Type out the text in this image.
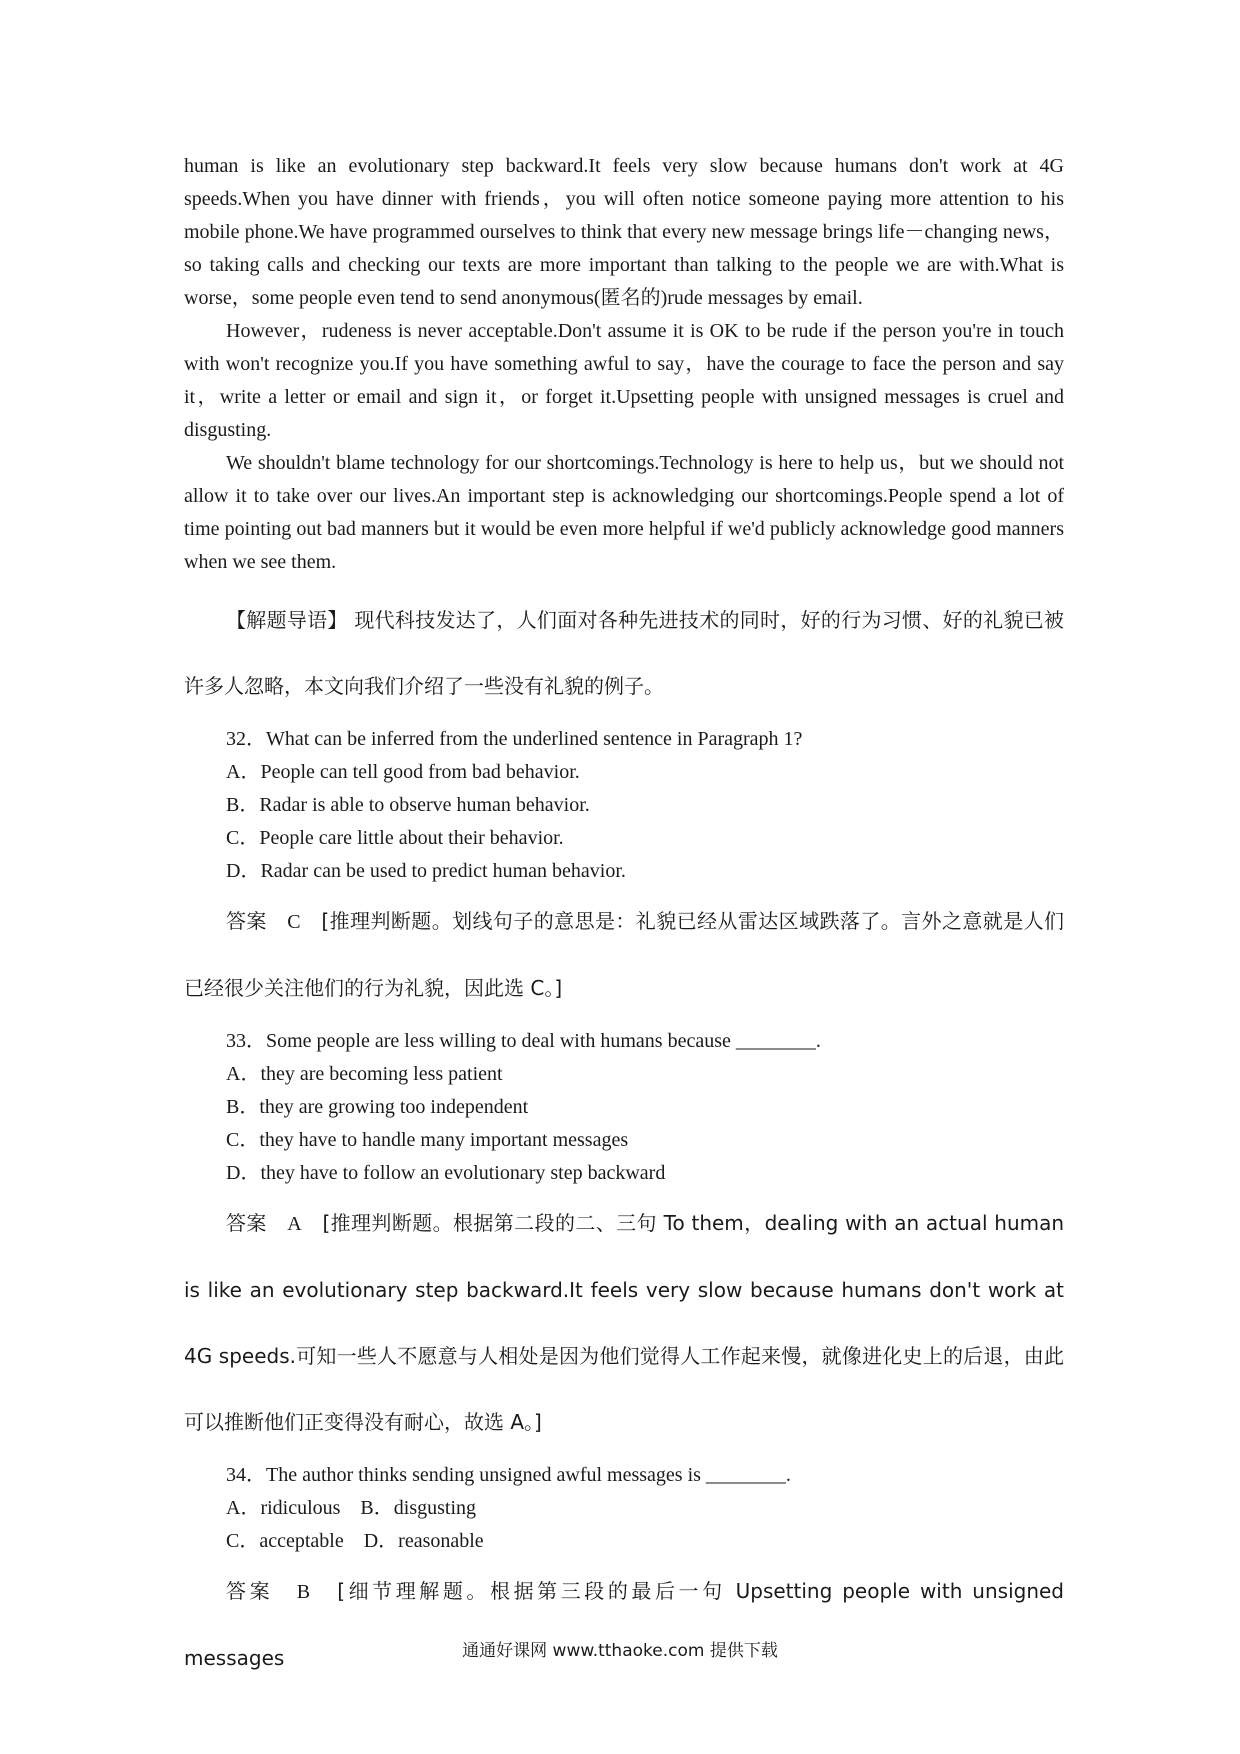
human is like an evolutionary step backward.It feels very slow because humans don't work at 4G speeds.When you have dinner with friends，you will often notice someone paying more attention to his mobile phone.We have programmed ourselves to think that every new message brings life－changing news，so taking calls and checking our texts are more important than talking to the people we are with.What is worse，some people even tend to send anonymous(匿名的)rude messages by email.

However，rudeness is never acceptable.Don't assume it is OK to be rude if the person you're in touch with won't recognize you.If you have something awful to say，have the courage to face the person and say it，write a letter or email and sign it，or forget it.Upsetting people with unsigned messages is cruel and disgusting.

We shouldn't blame technology for our shortcomings.Technology is here to help us，but we should not allow it to take over our lives.An important step is acknowledging our shortcomings.People spend a lot of time pointing out bad manners but it would be even more helpful if we'd publicly acknowledge good manners when we see them.

【解题导语】 现代科技发达了，人们面对各种先进技术的同时，好的行为习惯、好的礼貌已被许多人忽略，本文向我们介绍了一些没有礼貌的例子。

32．What can be inferred from the underlined sentence in Paragraph 1?

A．People can tell good from bad behavior.

B．Radar is able to observe human behavior.

C．People care little about their behavior.

D．Radar can be used to predict human behavior.

答案　 C　 [推理判断题。划线句子的意思是：礼貌已经从雷达区域跌落了。言外之意就是人们已经很少关注他们的行为礼貌，因此选 C。]

33．Some people are less willing to deal with humans because ________.

A．they are becoming less patient

B．they are growing too independent

C．they have to handle many important messages

D．they have to follow an evolutionary step backward

答案　 A　 [推理判断题。根据第二段的二、三句 To them，dealing with an actual human is like an evolutionary step backward.It feels very slow because humans don't work at 4G speeds.可知一些人不愿意与人相处是因为他们觉得人工作起来慢，就像进化史上的后退，由此可以推断他们正变得没有耐心，故选 A。]

34．The author thinks sending unsigned awful messages is ________.

A．ridiculous　B．disgusting

C．acceptable　D．reasonable

答案　 B　 [细节理解题。根据第三段的最后一句 Upsetting people with unsigned messages	通通好课网 www.tthaoke.com 提供下载
